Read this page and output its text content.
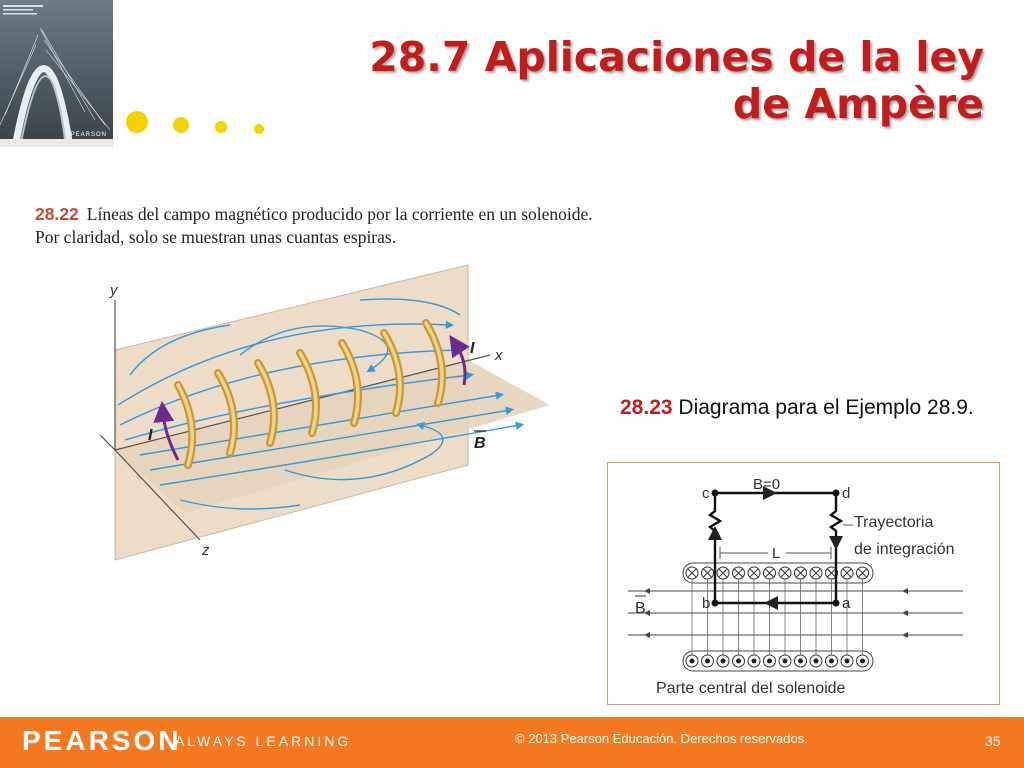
PEARSON
28.7 Aplicaciones de la ley
de Ampère
28.22 Líneas del campo magnético producido por la corriente en un solenoide. Por claridad, solo se muestran unas cuantas espiras.
y
x
z
I
I
B
28.23 Diagrama para el Ejemplo 28.9.
B
B=0
c	d
b	a
L
Trayectoria
de integración
Parte central del solenoide
PEARSON
ALWAYS LEARNING	© 2013 Pearson Educación. Derechos reservados.	35
